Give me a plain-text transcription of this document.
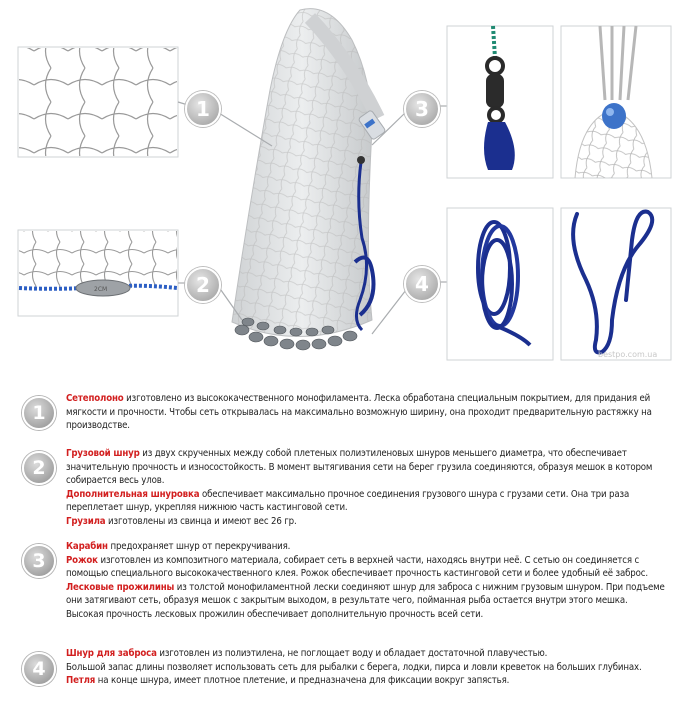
2CM
1
2
3
4
bestpo.com.ua
1

Сетеполоно изготовлено из высококачественного монофиламента. Леска обработана специальным покрытием, для придания ей мягкости и прочности. Чтобы сеть открывалась на максимально возможную ширину, она проходит предварительную растяжку на производстве.

2

Грузовой шнур из двух скрученных между собой плетеных полиэтиленовых шнуров меньшего диаметра, что обеспечивает значительную прочность и износостойкость. В момент вытягивания сети на берег грузила соединяются, образуя мешок в котором собирается весь улов.

Дополнительная шнуровка обеспечивает максимально прочное соединения грузового шнура с грузами сети. Она три раза переплетает шнур, укрепляя нижнюю часть кастинговой сети.

Грузила изготовлены из свинца и имеют вес 26 гр.

3

Карабин предохраняет шнур от перекручивания.

Рожок изготовлен из композитного материала, собирает сеть в верхней части, находясь внутри неё. С сетью он соединяется с помощью специального высококачественного клея. Рожок обеспечивает прочность кастинговой сети и более удобный её заброс.

Лесковые прожилины из толстой монофиламентной лески соединяют шнур для заброса с нижним грузовым шнуром. При подъеме они затягивают сеть, образуя мешок с закрытым выходом, в результате чего, пойманная рыба остается внутри этого мешка. Высокая прочность лесковых прожилин обеспечивает дополнительную прочность всей сети.

4

Шнур для заброса изготовлен из полиэтилена, не поглощает воду и обладает достаточной плавучестью.

Большой запас длины позволяет использовать сеть для рыбалки с берега, лодки, пирса и ловли креветок на больших глубинах.

Петля на конце шнура, имеет плотное плетение, и предназначена для фиксации вокруг запястья.
